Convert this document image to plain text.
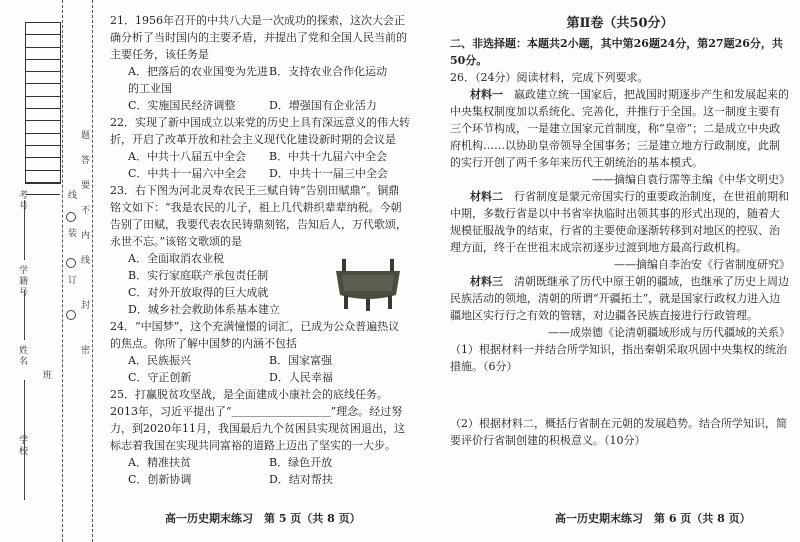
学校
班
姓名
学籍号
考号
装
订
线
密
封
线
内
不
要
答
题
21．1956年召开的中共八大是一次成功的探索，这次大会正确分析了当时国内的主要矛盾，并提出了党和全国人民当前的主要任务，该任务是
A．把落后的农业国变为先进的工业国
B．支持农业合作化运动
C．实施国民经济调整	D．增强国有企业活力
22．实现了新中国成立以来党的历史上具有深远意义的伟大转折，开启了改革开放和社会主义现代化建设新时期的会议是
A．中共十八届五中全会	B．中共十九届六中全会
C．中共十一届六中全会	D．中共十一届三中全会
23．右下图为河北灵寿农民王三赋自铸“告别田赋鼎”。铜鼎铭文如下：“我是农民的儿子，祖上几代耕织辈辈纳税。今朝告别了田赋，我要代表农民铸鼎刻铭，告知后人，万代歌颂，永世不忘。”该铭文歌颂的是
A．全面取消农业税
B．实行家庭联产承包责任制
C．对外开放取得的巨大成就
D．城乡社会救助体系基本建立
24．“中国梦”，这个充满憧憬的词汇，已成为公众普遍热议的焦点。你所了解中国梦的内涵不包括
A．民族振兴	B．国家富强
C．守正创新	D．人民幸福
25．打赢脱贫攻坚战，是全面建成小康社会的底线任务。2013年，习近平提出了“＿＿＿＿＿＿＿＿＿”理念。经过努力，到2020年11月，我国最后九个贫困县实现贫困退出，这标志着我国在实现共同富裕的道路上迈出了坚实的一大步。
A．精准扶贫	B．绿色开放
C．创新协调	D．结对帮扶
高一历史期末练习　第 5 页（共 8 页）
第Ⅱ卷（共50分）
二、非选择题：本题共2小题，其中第26题24分，第27题26分，共50分。
26．（24分）阅读材料，完成下列要求。
材料一　 嬴政建立统一国家后，把战国时期逐步产生和发展起来的中央集权制度加以系统化、完善化，并推行于全国。这一制度主要有三个环节构成，一是建立国家元首制度，称“皇帝”；二是成立中央政府机构……以协助皇帝领导全国事务；三是建立地方行政制度，此制的实行开创了两千多年来历代王朝统治的基本模式。
——摘编自袁行霈等主编《中华文明史》
材料二　 行省制度是蒙元帝国实行的重要政治制度，在世祖前期和中期，多数行省是以中书省宰执临时出领其事的形式出现的，随着大规模征服战争的结束，行省的主要使命逐渐转移到对地区的控驭、治理方面，终于在世祖末成宗初逐步过渡到地方最高行政机构。
——摘编自李治安《行省制度研究》
材料三　 清朝既继承了历代中原王朝的疆域，也继承了历史上周边民族活动的领地，清朝的所谓“开疆拓土”，就是国家行政权力进入边疆地区实行行之有效的管辖，对边疆各民族直接进行行政管理。
——成崇德《论清朝疆域形成与历代疆域的关系》
（1）根据材料一并结合所学知识，指出秦朝采取巩固中央集权的统治措施。（6分）
（2）根据材料二，概括行省制在元朝的发展趋势。结合所学知识，简要评价行省制创建的积极意义。（10分）
高一历史期末练习　第 6 页（共 8 页）
